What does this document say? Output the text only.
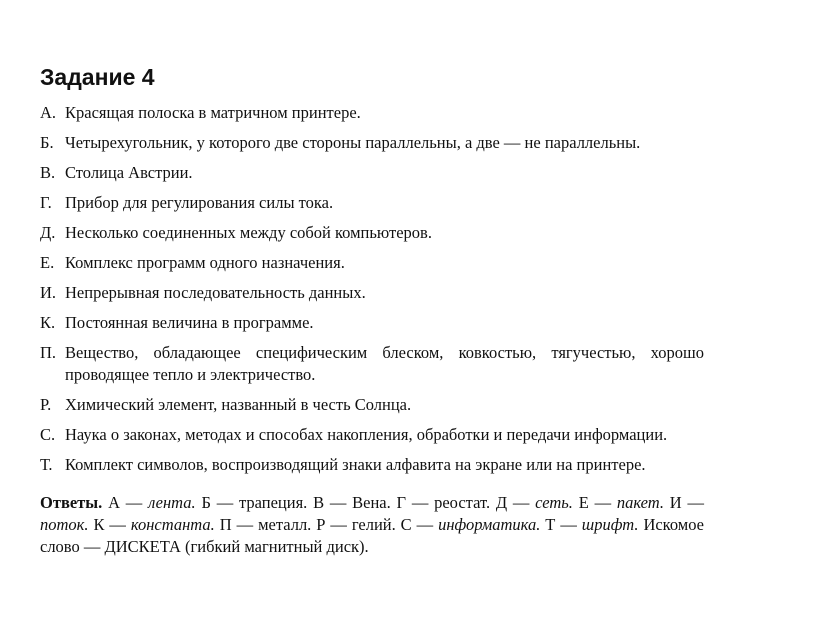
Задание 4
А. Красящая полоска в матричном принтере.
Б. Четырехугольник, у которого две стороны параллельны, а две — не параллельны.
В. Столица Австрии.
Г. Прибор для регулирования силы тока.
Д. Несколько соединенных между собой компьютеров.
Е. Комплекс программ одного назначения.
И. Непрерывная последовательность данных.
К. Постоянная величина в программе.
П. Вещество, обладающее специфическим блеском, ковкостью, тягучестью, хорошо проводящее тепло и электричество.
Р. Химический элемент, названный в честь Солнца.
С. Наука о законах, методах и способах накопления, обработки и передачи информации.
Т. Комплект символов, воспроизводящий знаки алфавита на экране или на принтере.

Ответы. А — лента. Б — трапеция. В — Вена. Г — реостат. Д — сеть. Е — пакет. И — поток. К — константа. П — металл. Р — гелий. С — информатика. Т — шрифт. Искомое слово — ДИСКЕТА (гибкий магнитный диск).
